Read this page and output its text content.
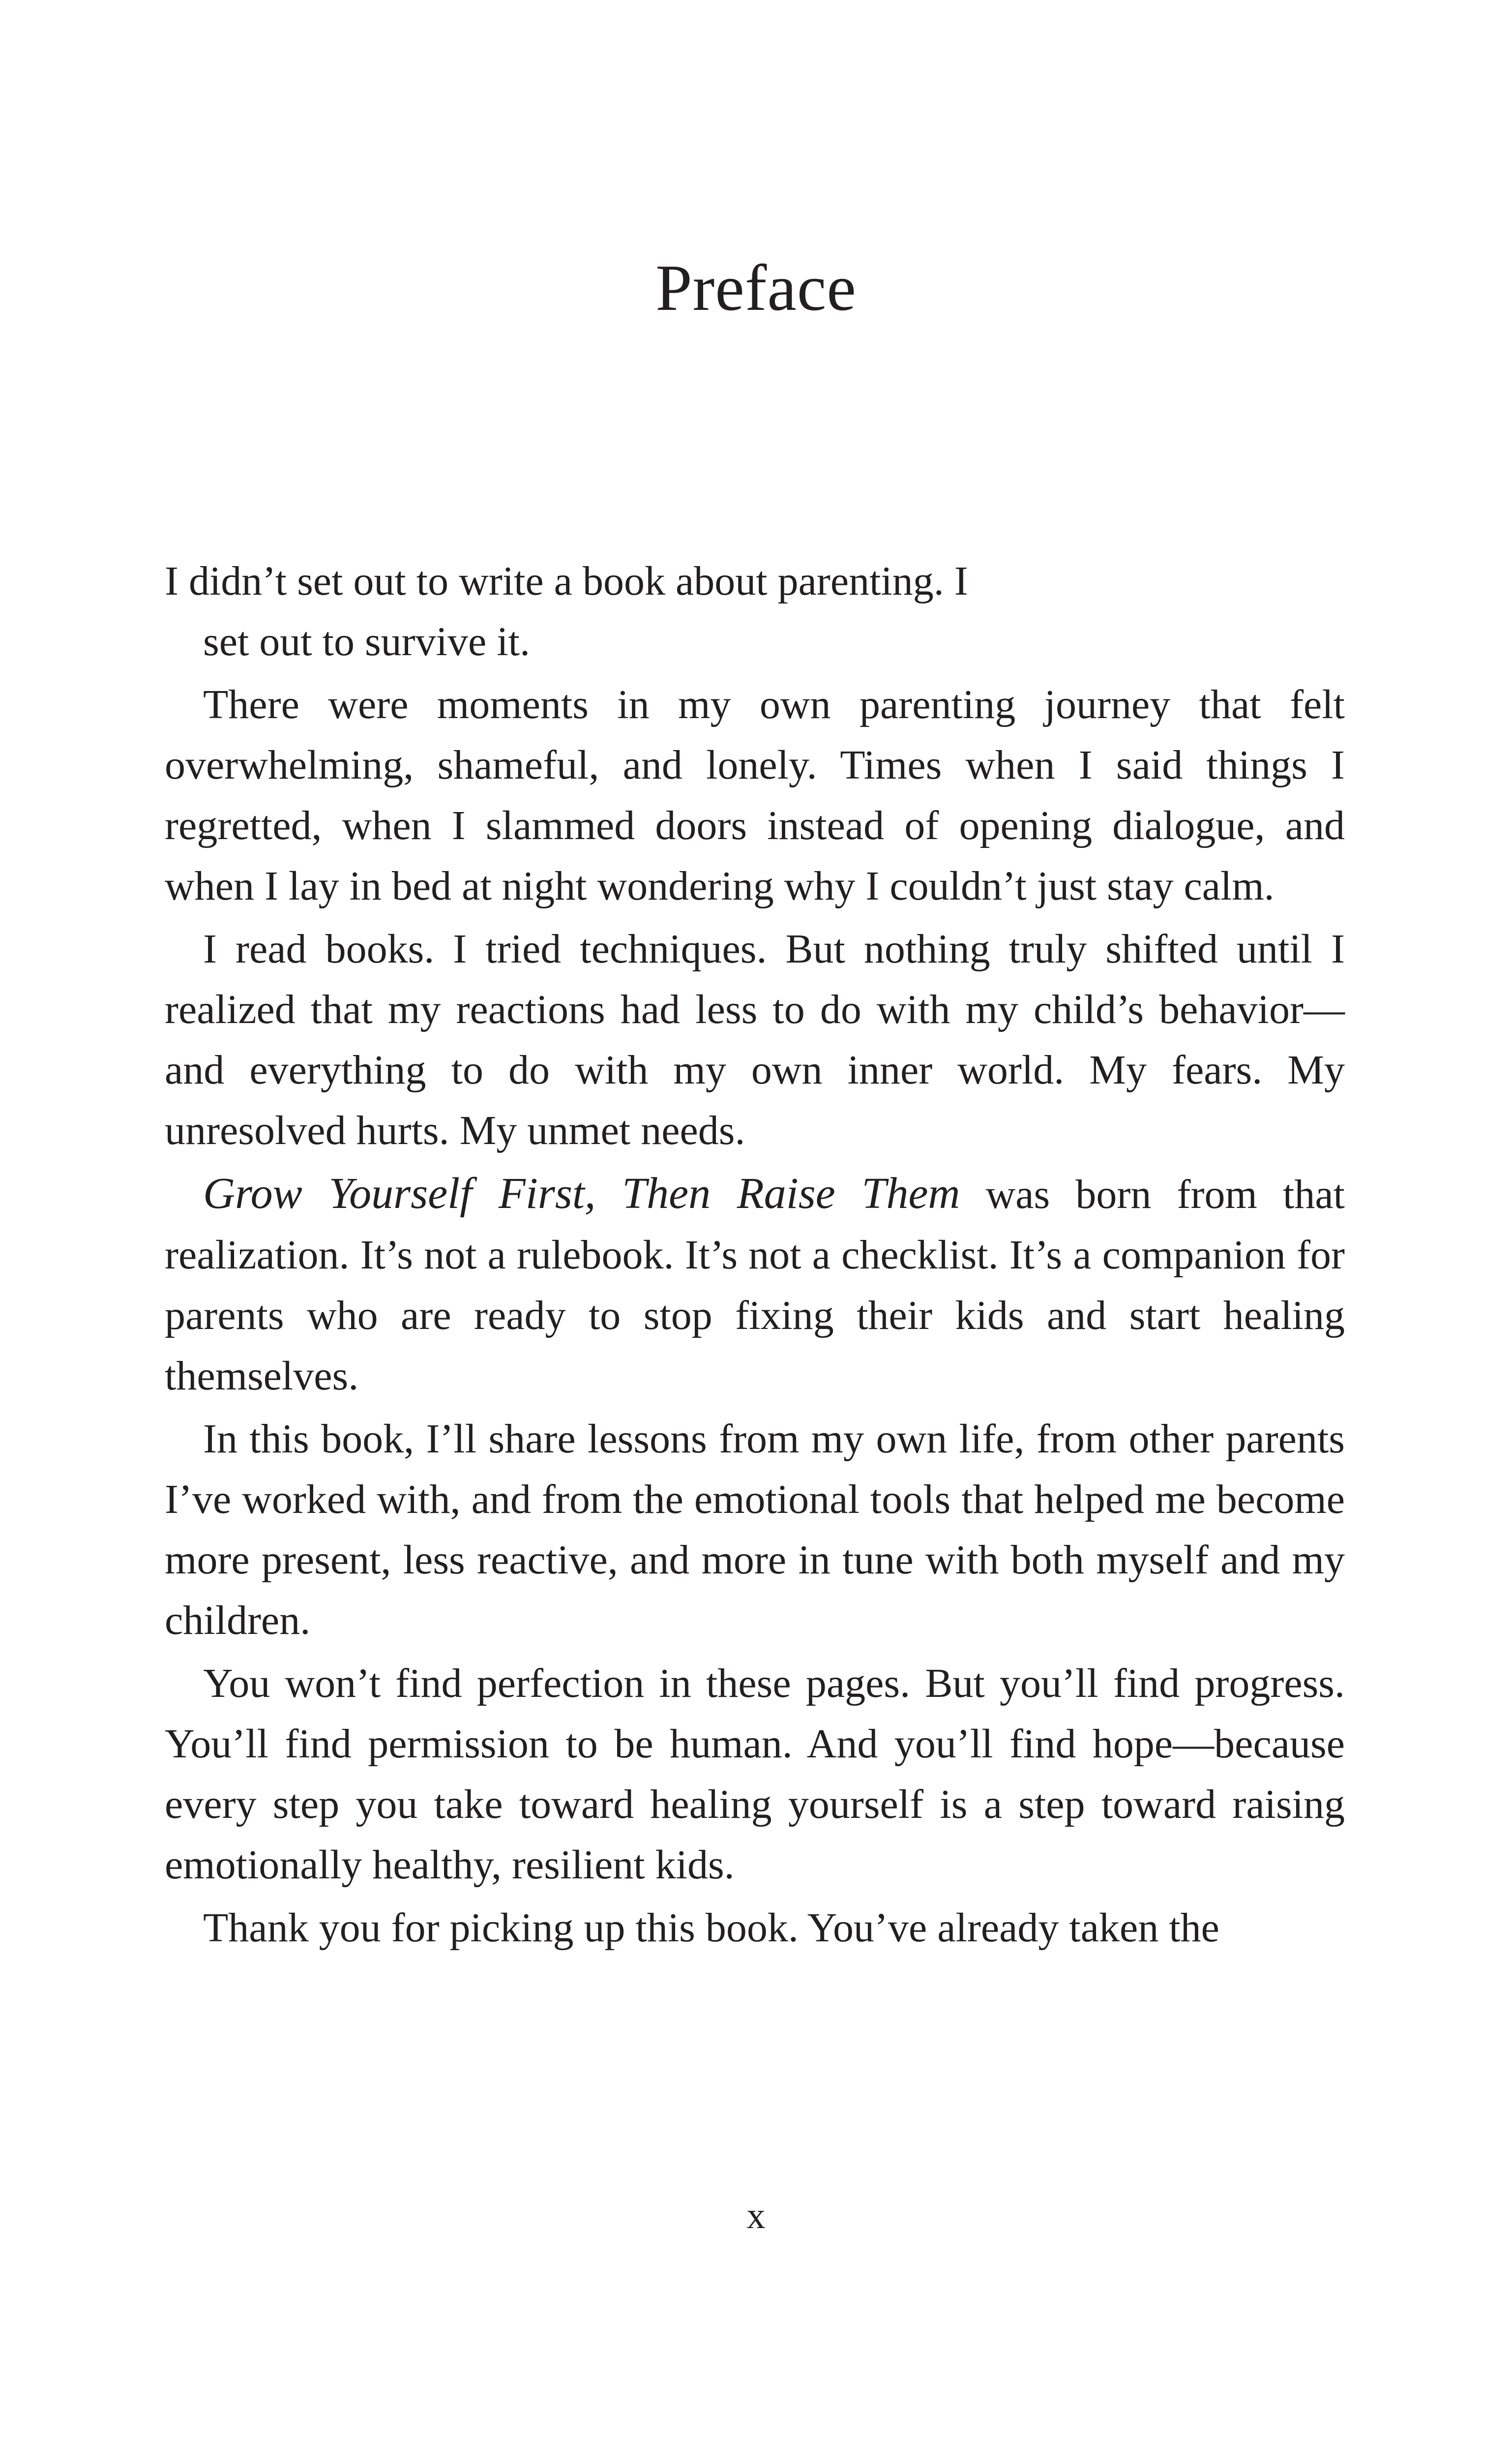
Preface

I didn’t set out to write a book about parenting. I
set out to survive it.

There were moments in my own parenting journey that felt overwhelming, shameful, and lonely. Times when I said things I regretted, when I slammed doors instead of opening dialogue, and when I lay in bed at night wondering why I couldn’t just stay calm.

I read books. I tried techniques. But nothing truly shifted until I realized that my reactions had less to do with my child’s behavior—and everything to do with my own inner world. My fears. My unresolved hurts. My unmet needs.

Grow Yourself First, Then Raise Them was born from that realization. It’s not a rulebook. It’s not a checklist. It’s a companion for parents who are ready to stop fixing their kids and start healing themselves.

In this book, I’ll share lessons from my own life, from other parents I’ve worked with, and from the emotional tools that helped me become more present, less reactive, and more in tune with both myself and my children.

You won’t find perfection in these pages. But you’ll find progress. You’ll find permission to be human. And you’ll find hope—because every step you take toward healing yourself is a step toward raising emotionally healthy, resilient kids.

Thank you for picking up this book. You’ve already taken the

x
